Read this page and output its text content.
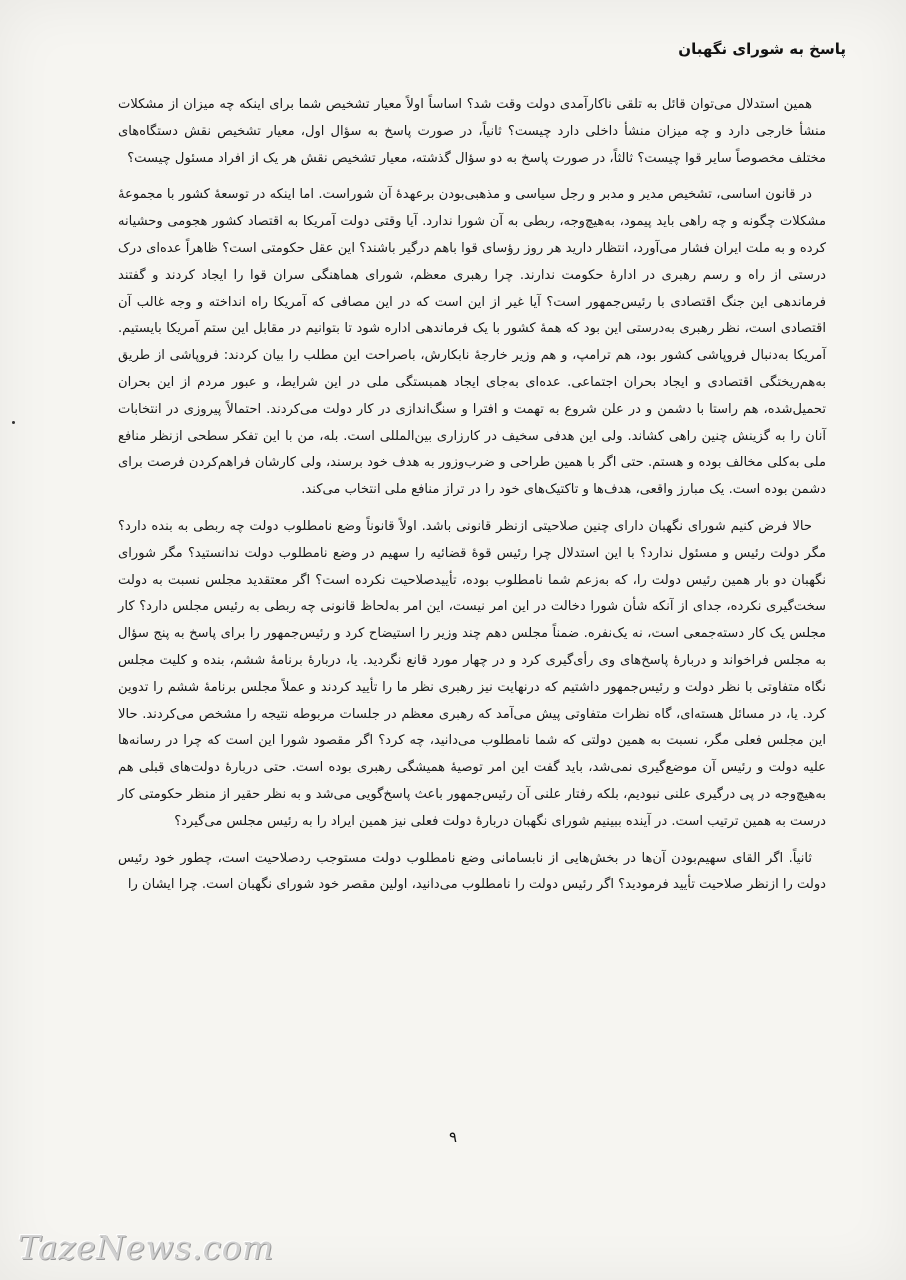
پاسخ به شورای نگهبان

همین استدلال می‌توان قائل به تلقی ناکارآمدی دولت وقت شد؟ اساساً اولاً معیار تشخیص شما برای اینکه چه میزان از مشکلات منشأ خارجی دارد و چه میزان منشأ داخلی دارد چیست؟ ثانیاً، در صورت پاسخ به سؤال اول، معیار تشخیص نقش دستگاه‌های مختلف مخصوصاً سایر قوا چیست؟ ثالثاً، در صورت پاسخ به دو سؤال گذشته، معیار تشخیص نقش هر یک از افراد مسئول چیست؟

در قانون اساسی، تشخیص مدیر و مدبر و رجل سیاسی و مذهبی‌بودن برعهدهٔ آن شوراست. اما اینکه در توسعهٔ کشور با مجموعهٔ مشکلات چگونه و چه راهی باید پیمود، به‌هیچ‌وجه، ربطی به آن شورا ندارد. آیا وقتی دولت آمریکا به اقتصاد کشور هجومی وحشیانه کرده و به ملت ایران فشار می‌آورد، انتظار دارید هر روز رؤسای قوا باهم درگیر باشند؟ این عقل حکومتی است؟ ظاهراً عده‌ای درک درستی از راه و رسم رهبری در ادارهٔ حکومت ندارند. چرا رهبری معظم، شورای هماهنگی سران قوا را ایجاد کردند و گفتند فرماندهی این جنگ اقتصادی با رئیس‌جمهور است؟ آیا غیر از این است که در این مصافی که آمریکا راه انداخته و وجه غالب آن اقتصادی است، نظر رهبری به‌درستی این بود که همهٔ کشور با یک فرماندهی اداره شود تا بتوانیم در مقابل این ستم آمریکا بایستیم. آمریکا به‌دنبال فروپاشی کشور بود، هم ترامپ، و هم وزیر خارجهٔ نابکارش، باصراحت این مطلب را بیان کردند: فروپاشی از طریق به‌هم‌ریختگی اقتصادی و ایجاد بحران اجتماعی. عده‌ای به‌جای ایجاد همبستگی ملی در این شرایط، و عبور مردم از این بحران تحمیل‌شده، هم راستا با دشمن و در علن شروع به تهمت و افترا و سنگ‌اندازی در کار دولت می‌کردند. احتمالاً پیروزی در انتخابات آنان را به گزینش چنین راهی کشاند. ولی این هدفی سخیف در کارزاری بین‌المللی است. بله، من با این تفکر سطحی ازنظر منافع ملی به‌کلی مخالف بوده و هستم. حتی اگر با همین طراحی و ضرب‌وزور به هدف خود برسند، ولی کارشان فراهم‌کردن فرصت برای دشمن بوده است. یک مبارز واقعی، هدف‌ها و تاکتیک‌های خود را در تراز منافع ملی انتخاب می‌کند.

حالا فرض کنیم شورای نگهبان دارای چنین صلاحیتی ازنظر قانونی باشد. اولاً قانوناً وضع نامطلوب دولت چه ربطی به بنده دارد؟ مگر دولت رئیس و مسئول ندارد؟ با این استدلال چرا رئیس قوهٔ قضائیه را سهیم در وضع نامطلوب دولت ندانستید؟ مگر شورای نگهبان دو بار همین رئیس دولت را، که به‌زعم شما نامطلوب بوده، تأییدصلاحیت نکرده است؟ اگر معتقدید مجلس نسبت به دولت سخت‌گیری نکرده، جدای از آنکه شأن شورا دخالت در این امر نیست، این امر به‌لحاظ قانونی چه ربطی به رئیس مجلس دارد؟ کار مجلس یک کار دسته‌جمعی است، نه یک‌نفره. ضمناً مجلس دهم چند وزیر را استیضاح کرد و رئیس‌جمهور را برای پاسخ به پنج سؤال به مجلس فراخواند و دربارهٔ پاسخ‌های وی رأی‌گیری کرد و در چهار مورد قانع نگردید. یا، دربارهٔ برنامهٔ ششم، بنده و کلیت مجلس نگاه متفاوتی با نظر دولت و رئیس‌جمهور داشتیم که درنهایت نیز رهبری نظر ما را تأیید کردند و عملاً مجلس برنامهٔ ششم را تدوین کرد. یا، در مسائل هسته‌ای، گاه نظرات متفاوتی پیش می‌آمد که رهبری معظم در جلسات مربوطه نتیجه را مشخص می‌کردند. حالا این مجلس فعلی مگر، نسبت به همین دولتی که شما نامطلوب می‌دانید، چه کرد؟ اگر مقصود شورا این است که چرا در رسانه‌ها علیه دولت و رئیس آن موضع‌گیری نمی‌شد، باید گفت این امر توصیهٔ همیشگی رهبری بوده است. حتی دربارهٔ دولت‌های قبلی هم به‌هیچ‌وجه در پی درگیری علنی نبودیم، بلکه رفتار علنی آن رئیس‌جمهور باعث پاسخ‌گویی می‌شد و به نظر حقیر از منظر حکومتی کار درست به همین ترتیب است. در آینده ببینیم شورای نگهبان دربارهٔ دولت فعلی نیز همین ایراد را به رئیس مجلس می‌گیرد؟

ثانیاً. اگر القای سهیم‌بودن آن‌ها در بخش‌هایی از نابسامانی وضع نامطلوب دولت مستوجب ردصلاحیت است، چطور خود رئیس دولت را ازنظر صلاحیت تأیید فرمودید؟ اگر رئیس دولت را نامطلوب می‌دانید، اولین مقصر خود شورای نگهبان است. چرا ایشان را

۹
TazeNews.com
